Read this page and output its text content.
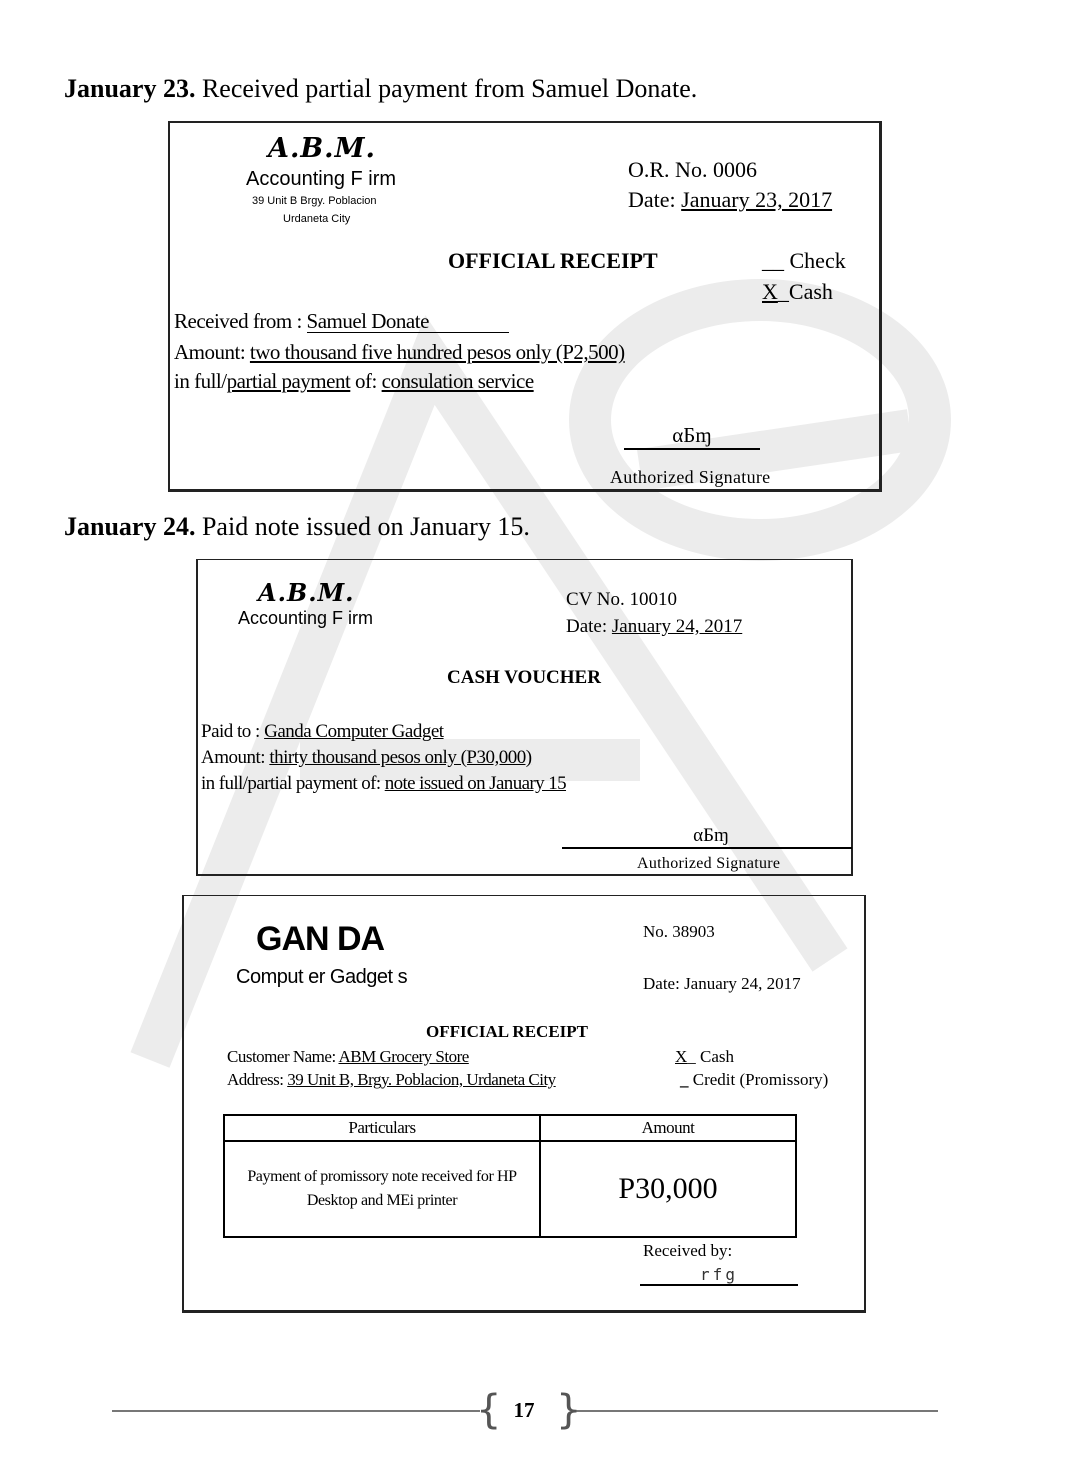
January 23. Received partial payment from Samuel Donate.
A.B.M.
Accounting F irm
39 Unit B Brgy. Poblacion
Urdaneta City
O.R. No. 0006
Date: January 23, 2017
OFFICIAL RECEIPT	__ Check
X_Cash
Received from : Samuel Donate
Amount: two thousand five hundred pesos only (P2,500)
in full/partial payment of: consulation service
αБɱ
Authorized Signature
January 24. Paid note issued on January 15.
A.B.M.
Accounting F irm
CV No. 10010
Date: January 24, 2017
CASH VOUCHER
Paid to : Ganda Computer Gadget
Amount: thirty thousand pesos only (P30,000)
in full/partial payment of: note issued on January 15
αБɱ
Authorized Signature
GAN DA
Comput er Gadget s
No. 38903
Date: January 24, 2017
OFFICIAL RECEIPT
Customer Name: ABM Grocery Store
Address: 39 Unit B, Brgy. Poblacion, Urdaneta City
X_ Cash
_ Credit (Promissory)
Particulars	Amount
Payment of promissory note received for HP Desktop and MEi printer	P30,000
Received by:
rfg
{ }
17
